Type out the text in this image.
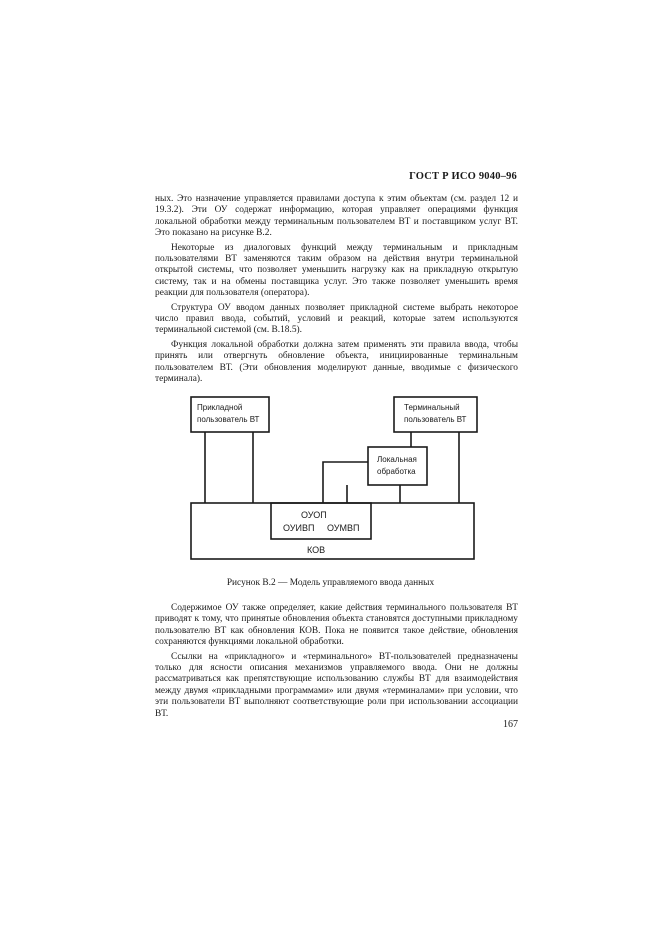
ГОСТ Р ИСО 9040–96

ных. Это назначение управляется правилами доступа к этим объектам (см. раздел 12 и 19.3.2). Эти ОУ содержат информацию, которая управляет операциями функция локальной обработки между терминальным пользователем ВТ и поставщиком услуг ВТ. Это показано на рисунке В.2.

Некоторые из диалоговых функций между терминальным и прикладным пользователями ВТ заменяются таким образом на действия внутри терминальной открытой системы, что позволяет уменьшить нагрузку как на прикладную открытую систему, так и на обмены поставщика услуг. Это также позволяет уменьшить время реакции для пользователя (оператора).

Структура ОУ вводом данных позволяет прикладной системе выбрать некоторое число правил ввода, событий, условий и реакций, которые затем используются терминальной системой (см. В.18.5).

Функция локальной обработки должна затем применять эти правила ввода, чтобы принять или отвергнуть обновление объекта, инициированные терминальным пользователем ВТ. (Эти обновления моделируют данные, вводимые с физического терминала).

Прикладной
пользователь ВТ
Терминальный
пользователь ВТ
Локальная
обработка
ОУОП
ОУИВП ОУМВП
КОВ
Рисунок В.2 — Модель управляемого ввода данных

Содержимое ОУ также определяет, какие действия терминального пользователя ВТ приводят к тому, что принятые обновления объекта становятся доступными прикладному пользователю ВТ как обновления КОВ. Пока не появится такое действие, обновления сохраняются функциями локальной обработки.

Ссылки на «прикладного» и «терминального» ВТ-пользователей предназначены только для ясности описания механизмов управляемого ввода. Они не должны рассматриваться как препятствующие использованию службы ВТ для взаимодействия между двумя «прикладными программами» или двумя «терминалами» при условии, что эти пользователи ВТ выполняют соответствующие роли при использовании ассоциации ВТ.

167
